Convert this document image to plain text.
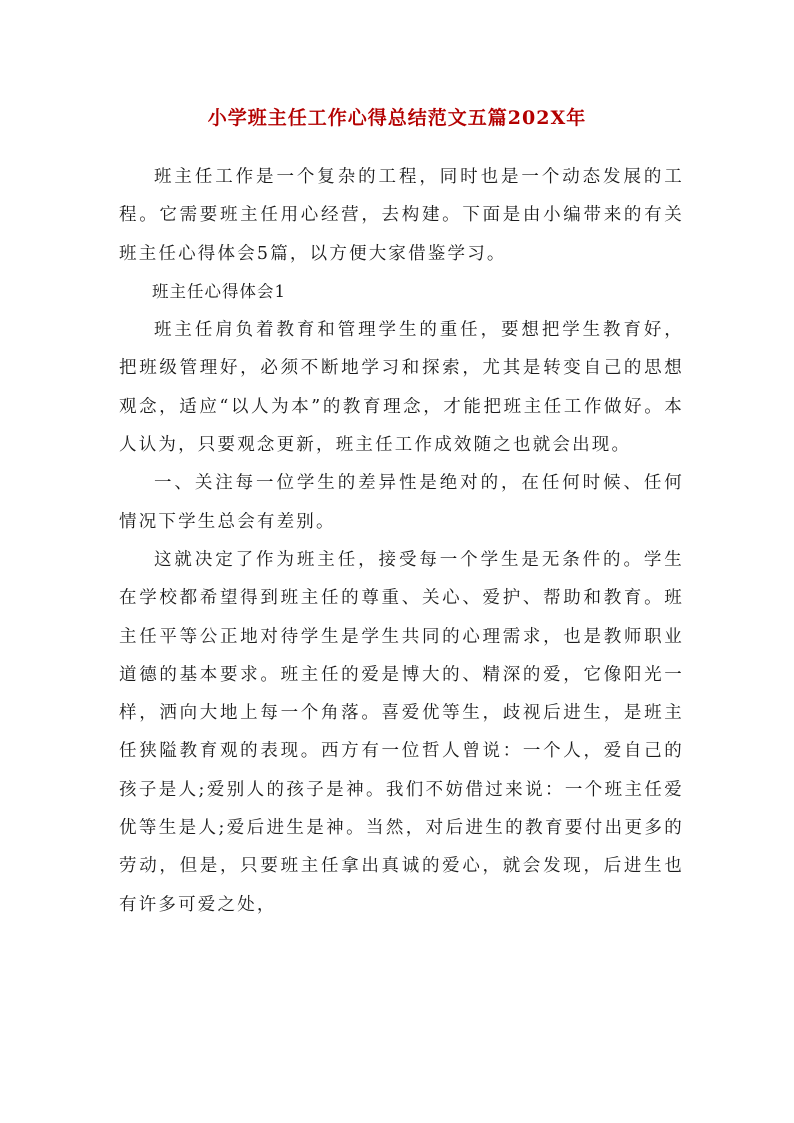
小学班主任工作心得总结范文五篇202X年

班主任工作是一个复杂的工程，同时也是一个动态发展的工程。它需要班主任用心经营，去构建。下面是由小编带来的有关班主任心得体会5篇，以方便大家借鉴学习。

班主任心得体会1

班主任肩负着教育和管理学生的重任，要想把学生教育好，把班级管理好，必须不断地学习和探索，尤其是转变自己的思想观念，适应“以人为本”的教育理念，才能把班主任工作做好。本人认为，只要观念更新，班主任工作成效随之也就会出现。

一、关注每一位学生的差异性是绝对的，在任何时候、任何情况下学生总会有差别。

这就决定了作为班主任，接受每一个学生是无条件的。学生在学校都希望得到班主任的尊重、关心、爱护、帮助和教育。班主任平等公正地对待学生是学生共同的心理需求，也是教师职业道德的基本要求。班主任的爱是博大的、精深的爱，它像阳光一样，洒向大地上每一个角落。喜爱优等生，歧视后进生，是班主任狭隘教育观的表现。西方有一位哲人曾说：一个人，爱自己的孩子是人;爱别人的孩子是神。我们不妨借过来说：一个班主任爱优等生是人;爱后进生是神。当然，对后进生的教育要付出更多的劳动，但是，只要班主任拿出真诚的爱心，就会发现，后进生也有许多可爱之处，
